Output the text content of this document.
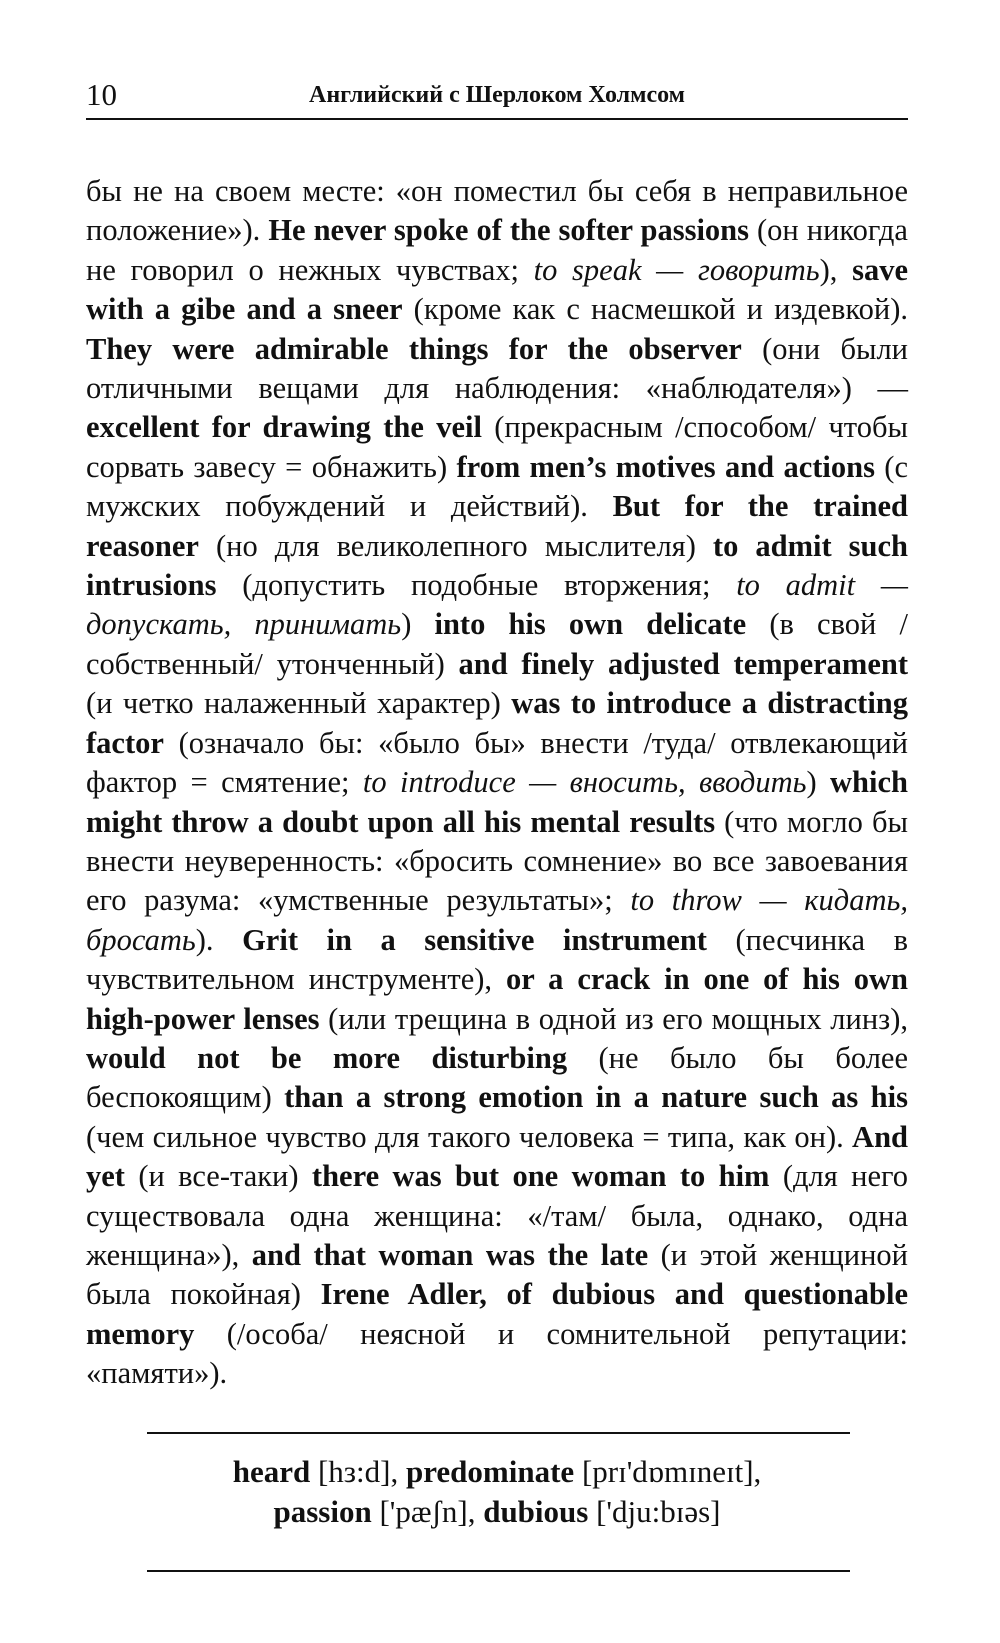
10	Английский с Шерлоком Холмсом

бы не на своем месте: «он поместил бы себя в неправильное положение»). He never spoke of the softer passions (он никогда не говорил о нежных чувствах; to speak — говорить), save with a gibe and a sneer (кроме как с насмешкой и издевкой). They were admirable things for the observer (они были отличными вещами для наблюдения: «наблюдателя») — excellent for drawing the veil (прекрасным /способом/ чтобы сорвать завесу = обнажить) from men’s motives and actions (с мужских побуждений и действий). But for the trained reasoner (но для великолепного мыслителя) to admit such intrusions (допустить подобные вторжения; to admit — допускать, принимать) into his own delicate (в свой /собственный/ утонченный) and finely adjusted temperament (и четко налаженный характер) was to introduce a distracting factor (означало бы: «было бы» внести /туда/ отвлекающий фактор = смятение; to introduce — вносить, вводить) which might throw a doubt upon all his mental results (что могло бы внести неуверенность: «бросить сомнение» во все завоевания его разума: «умственные результаты»; to throw — кидать, бросать). Grit in a sensitive instrument (песчинка в чувствительном инструменте), or a crack in one of his own high-power lenses (или трещина в одной из его мощных линз), would not be more disturbing (не было бы более беспокоящим) than a strong emotion in a nature such as his (чем сильное чувство для такого человека = типа, как он). And yet (и все-таки) there was but one woman to him (для него существовала одна женщина: «/там/ была, однако, одна женщина»), and that woman was the late (и этой женщиной была покойная) Irene Adler, of dubious and questionable memory (/особа/ неясной и сомнительной репутации: «памяти»).

heard [hз:d], predominate [prɪ'dɒmɪneɪt],
passion ['pæʃn], dubious ['dju:bɪəs]
